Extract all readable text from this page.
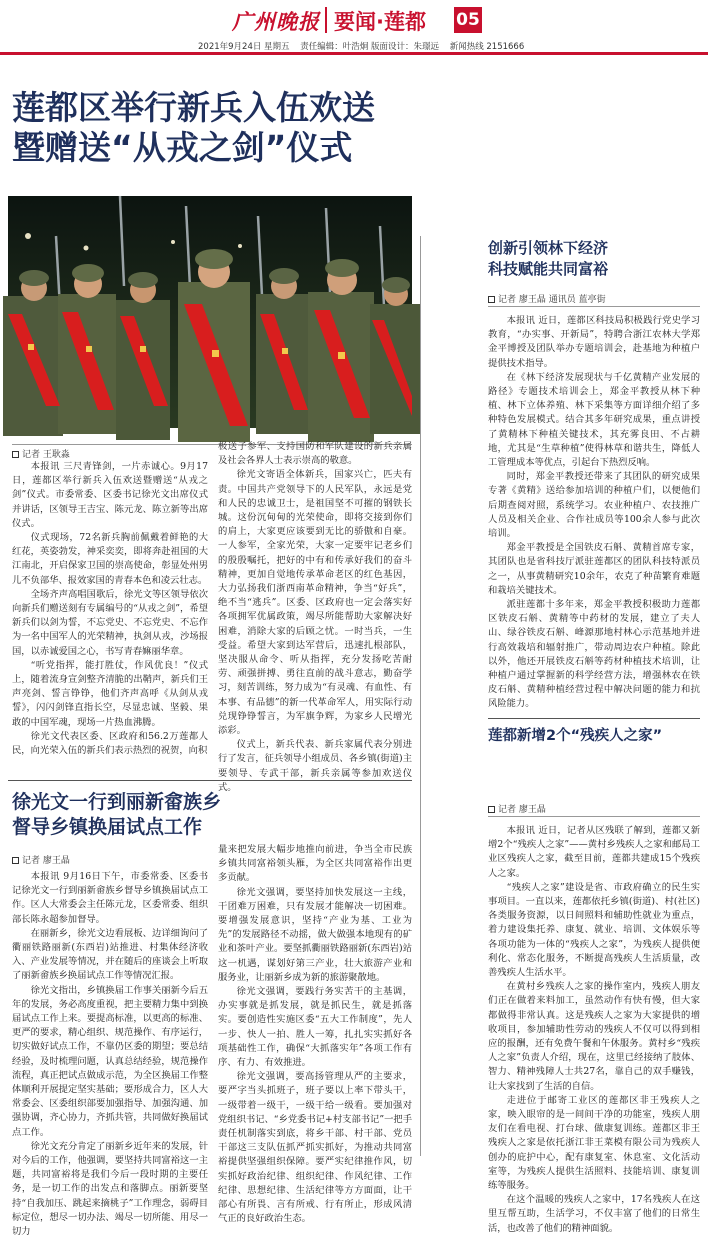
广州晚报 要闻·莲都 05
2021年9月24日 星期五 责任编辑：叶浩炯 版面设计：朱璟远 新闻热线 2151666
莲都区举行新兵入伍欢送
暨赠送“从戎之剑”仪式
记者 王耿淼

本报讯 三尺青锋剑，一片赤诚心。9月17日，莲都区举行新兵入伍欢送暨赠送“从戎之剑”仪式。市委常委、区委书记徐光文出席仪式并讲话，区领导王吉宝、陈元龙、陈立新等出席仪式。

仪式现场，72名新兵胸前佩戴着鲜艳的大红花，英姿勃发，神采奕奕，即将奔赴祖国的大江南北，开启保家卫国的崇高使命，彰显处州男儿不负部华、报效家国的青春本色和凌云壮志。

全场齐声高唱国歌后，徐光文等区领导依次向新兵们赠送刻有专属编号的“从戎之剑”，希望新兵们以剑为誓，不忘党史、不忘党史、不忘作为一名中国军人的光荣精神，执剑从戎，沙场报国，以赤诚爱国之心，书写青春嫲丽华章。

“听党指挥，能打胜仗，作风优良！”仪式上，随着流身宣剑整齐清脆的出鞘声，新兵们王声亮剑、誓言铮铮，他们齐声高呼《从剑从戎誓》，闪闪剑锋直指长空，尽显忠诚、坚毅、果敢的中国军魂，现场一片热血沸腾。

徐光文代表区委、区政府和56.2万莲都人民，向光荣入伍的新兵们表示热烈的祝贺，向积

极送子参军、支持国防和军队建设的新兵亲属及社会各界人士表示崇高的敬意。

徐光文寄语全体新兵，国家兴亡，匹夫有责。中国共产党领导下的人民军队，永远是党和人民的忠诚卫士，是祖国坚不可摧的钢铁长城。这份沉甸甸的光荣使命，即将交接到你们的肩上，大家更应该要到无比的骄傲和自豪。一人参军，全家光荣，大家一定要牢记老乡们的殷殷嘱托，把好的中有和传承好我们的奋斗精神，更加自觉地传承革命老区的红色基因，大力弘扬我们浙西南革命精神，争当“好兵”，绝不当“逃兵”。区委、区政府也一定会落实好各项拥军优属政策，竭尽所能帮助大家解决好困难，消除大家的后顾之忧。一时当兵，一生受益。希望大家到达军营后，迅速扎根部队，坚决服从命令、听从指挥，充分发扬吃苦耐劳、顽强拼搏、勇往直前的战斗意志，勤奋学习，刻苦训练，努力成为“有灵魂、有血性、有本事、有品德”的新一代革命军人，用实际行动兑现铮铮誓言，为军旗争辉，为家乡人民增光添彩。

仪式上，新兵代表、新兵家属代表分别进行了发言，征兵领导小组成员、各乡镇(街道)主要领导、专武干部，新兵亲属等参加欢送仪式。

徐光文一行到丽新畲族乡
督导乡镇换届试点工作
记者 廖王晶

本报讯 9月16日下午，市委常委、区委书记徐光文一行到丽新畲族乡督导乡镇换届试点工作。区人大常委会主任陈元龙，区委常委、组织部长陈永超参加督导。

在丽新乡，徐光文边看展板、边详细询问了衢丽铁路丽新(东西岩)站推进、村集体经济收入、产业发展等情况，并在随后的座谈会上听取了丽新畲族乡换届试点工作等情况汇报。

徐光文指出，乡镇换届工作事关丽新今后五年的发展，务必高度重视，把主要精力集中到换届试点工作上来。要提高标准，以更高的标准、更严的要求，精心组织、规范操作、有序运行，切实做好试点工作，不靠仍区委的期望；要总结经验，及时梳理问题，认真总结经验，规范操作流程，真正把试点做成示范，为全区换届工作整体顺利开展提定坚实基础；要形成合力，区人大常委会、区委组织部要加强指导、加强沟通、加强协调，齐心协力，齐抓共管，共同做好换届试点工作。

徐光文充分肯定了丽新乡近年来的发展，针对今后的工作，他强调，要坚持共同富裕这一主题，共同富裕将是我们今后一段时期的主要任务，是一切工作的出发点和落脚点。丽新要坚持“自我加压、跳起来摘桃子”工作理念，弱碍目标定位，想尽一切办法、竭尽一切所能、用尽一切力

量来把发展大幅步地推向前进，争当全市民族乡镇共同富裕领头雁，为全区共同富裕作出更多贡献。

徐光文强调，要坚持加快发展这一主线，干团难万困难，只有发展才能解决一切困难。要增强发展意识，坚持“产业为基、工业为先”的发展路径不动摇，做大做强本地现有的矿业和茶叶产业。要坚抓衢丽铁路丽新(东西岩)站这一机遇，谋划好第三产业，壮大旅游产业和服务业，让丽新乡成为新的旅游聚散地。

徐光文强调，要践行务实苦干的主基调，办实事就是抓发展，就是抓民生，就是抓落实。要创造性实施区委“五大工作制度”，先人一步、快人一拍、胜人一筹，扎扎实实抓好各项基础性工作，确保“大抓落实年”各项工作有序、有力、有效推进。

徐光文强调，要高扬管理从严的主要求，要严字当头抓班子，班子要以上率下带头干，一级带着一级干，一级干给一级看。要加强对党组织书记、“乡党委书记+村支部书记”一把手责任机制落实到底，将乡干部、村干部、党员干部这三支队伍抓严抓实抓好，为推动共同富裕提供坚强组织保障。要严实纪律推作风，切实抓好政治纪律、组织纪律、作风纪律、工作纪律、思想纪律、生活纪律等方方面面，让干部心有所畏、言有所戒、行有所止，形成风清气正的良好政治生态。

创新引领林下经济
科技赋能共同富裕
记者 廖王晶 通讯员 蓝亭街

本报讯 近日，莲都区科技局积极践行党史学习教育，“办实事、开新局”，特聘合浙江农林大学郑金平博授及团队举办专题培训会，赴基地为种植户提供技术指导。

在《林下经济发展现状与千亿黄精产业发展的路径》专题技术培训会上，郑金平教授从林下种植、林下立体养殖、林下采集等方面详细介绍了多种特色发展模式。结合其多年研究成果，重点讲授了黄精林下种植关键技术，其充雾良田、不占耕地，尤其是“生草种植”使得林草和谐共生，降低人工管理成本等优点，引起台下热烈反响。

同时，郑金平教授还带来了其团队的研究成果专著《黄精》送给参加培训的种植户们，以便他们后期查阅对照，系统学习。农业种植户、农技推广人员及相关企业、合作社成员等100余人参与此次培训。

郑金平教授是全国铁皮石斛、黄精首席专家，其团队也是省科技厅派驻莲都区的团队科技特派员之一，从事黄精研究10余年，农克了种苗繁育难题和栽培关键技术。

派驻莲都十多年来，郑金平教授积极助力莲都区铁皮石斛、黄精等中药材的发展，建立了夫人山、绿谷铁皮石斛、峰源那地村林心示范基地并进行高效栽培和辐射推广，带动周边农户种植。除此以外，他还开展铁皮石斛等药材种植技术培训，让种植户通过掌握新的科学经营方法，增强林农在铁皮石斛、黄精种植经营过程中解决问题的能力和抗风险能力。

莲都新增2个“残疾人之家”
记者 廖王晶

本报讯 近日，记者从区残联了解到，莲都又新增2个“残疾人之家”——黄村乡残疾人之家和邮局工业区残疾人之家，截至目前，莲都共建成15个残疾人之家。

“残疾人之家”建设是省、市政府确立的民生实事项目。一直以来，莲都依托乡镇(街道)、村(社区)各类服务资源，以日间照料和辅助性就业为重点，着力建设集托养、康复、就业、培训、文体娱乐等各项功能为一体的“残疾人之家”，为残疾人提供便利化、常态化服务，不断提高残疾人生活质量，改善残疾人生活水平。

在黄村乡残疾人之家的操作室内，残疾人朋友们正在做着来料加工，虽然动作有快有慢，但大家都做得非常认真。这是残疾人之家为大家提供的增收项目，参加辅助性劳动的残疾人不仅可以得到相应的报酬，还有免费午餐和午休服务。黄村乡“残疾人之家”负责人介绍，现在，这里已经接纳了肢体、智力、精神残障人士共27名，靠自己的双手赚钱，让大家找到了生活的自信。

走进位于邮寄工业区的莲都区非王残疾人之家，映入眼帘的是一间间干净的功能室，残疾人朋友们在看电视、打台球、做康复训练。莲都区非王残疾人之家是依托浙江非王菜模有限公司为残疾人创办的庇护中心，配有康复室、休息室、文化活动室等，为残疾人提供生活照料、技能培训、康复训练等服务。

在这个温暖的残疾人之家中，17名残疾人在这里互帮互助，生活学习，不仅丰富了他们的日常生活，也改善了他们的精神面貌。
